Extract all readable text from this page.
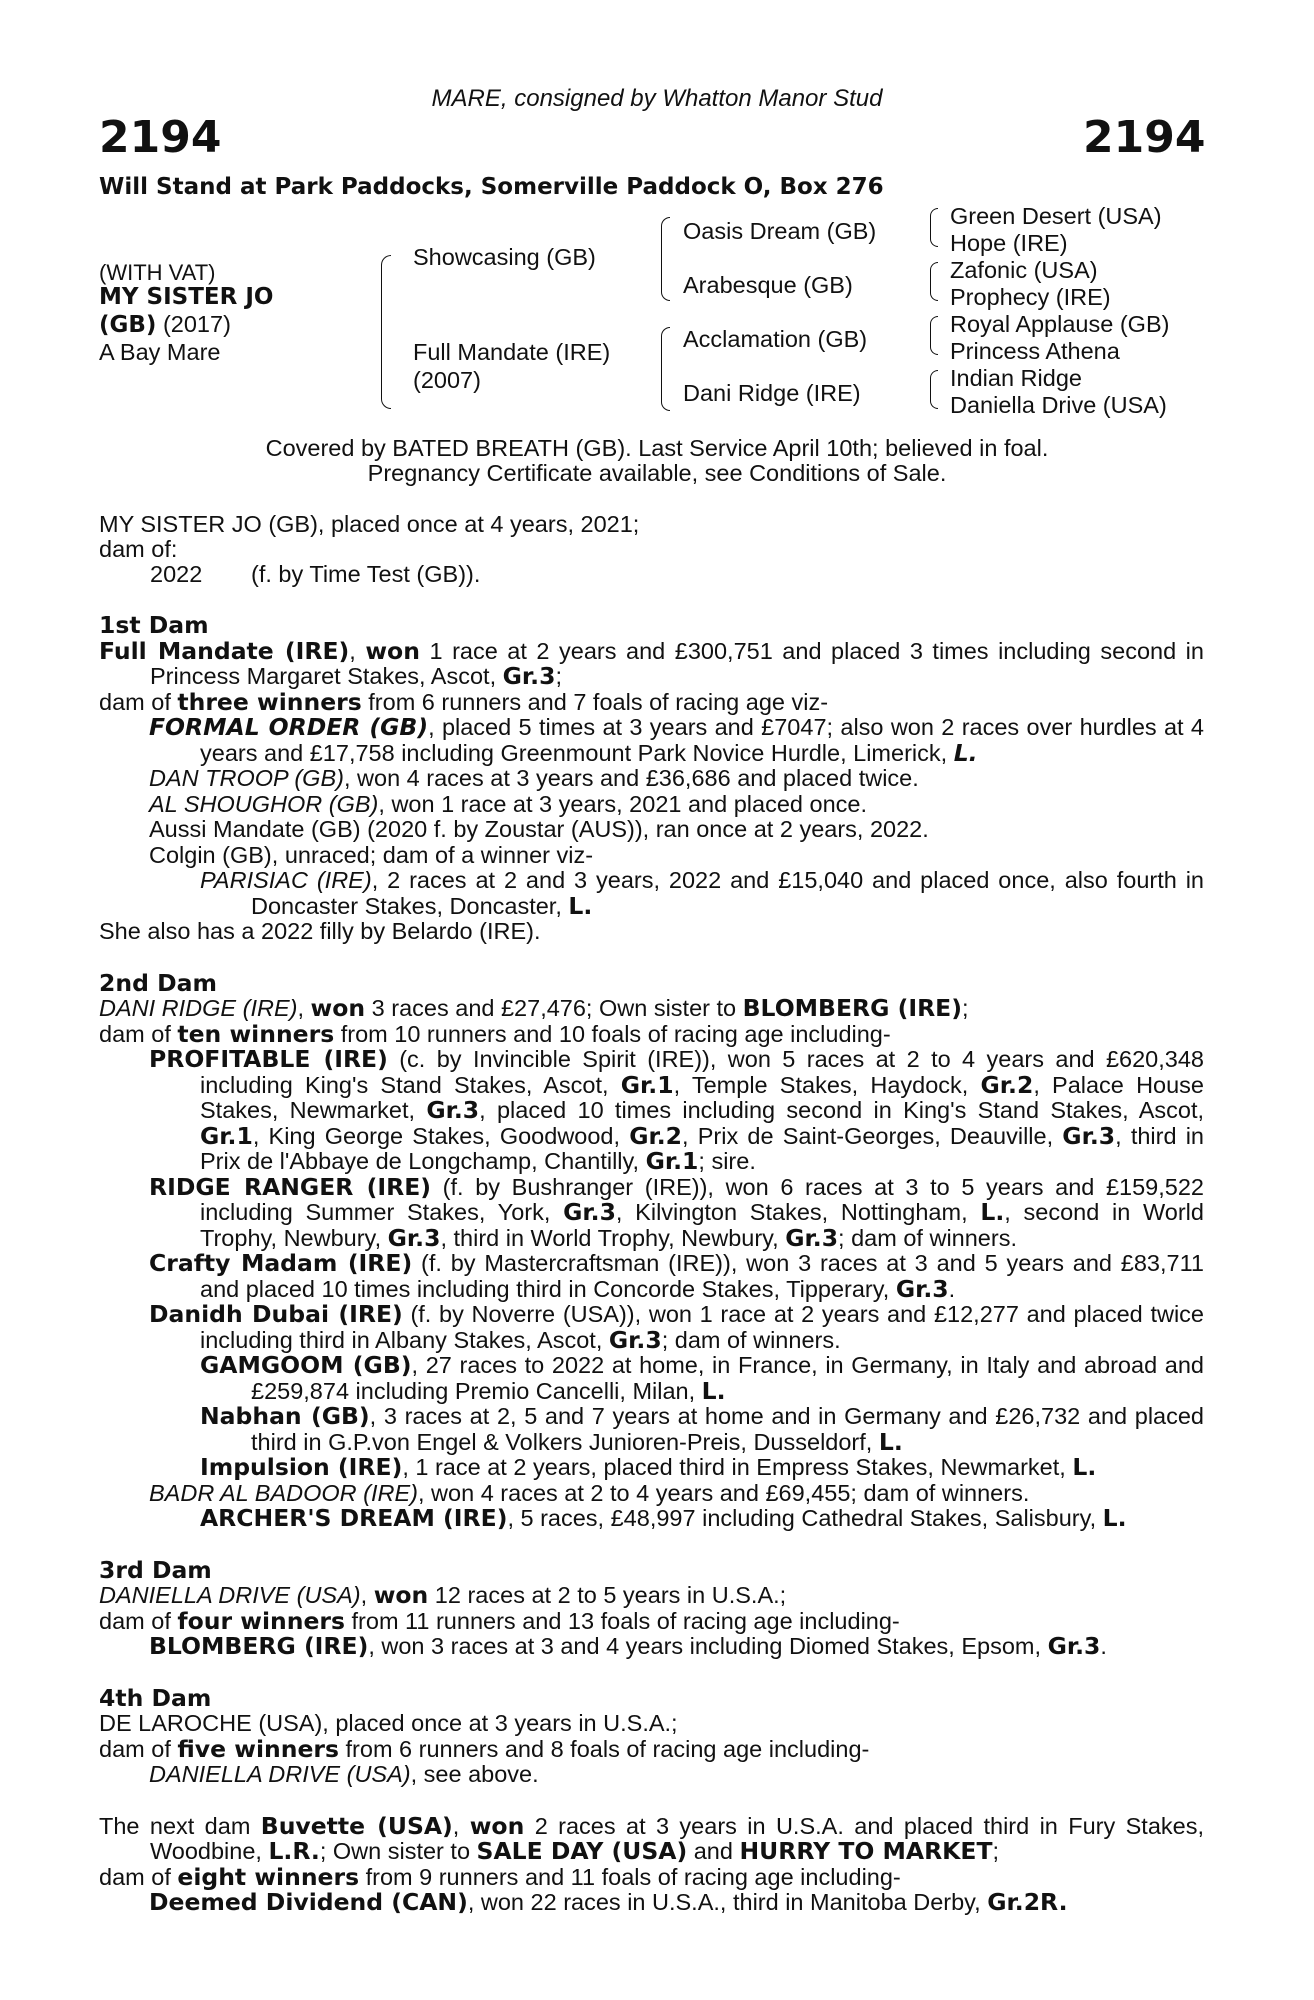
MARE, consigned by Whatton Manor Stud
2194	2194
Will Stand at Park Paddocks, Somerville Paddock O, Box 276
(WITH VAT)
MY SISTER JO
(GB) (2017)
A Bay Mare
Showcasing (GB)
Full Mandate (IRE)
(2007)
Oasis Dream (GB)
Arabesque (GB)
Acclamation (GB)
Dani Ridge (IRE)
Green Desert (USA)
Hope (IRE)
Zafonic (USA)
Prophecy (IRE)
Royal Applause (GB)
Princess Athena
Indian Ridge
Daniella Drive (USA)
Covered by BATED BREATH (GB). Last Service April 10th; believed in foal.
Pregnancy Certificate available, see Conditions of Sale.
MY SISTER JO (GB), placed once at 4 years, 2021;
dam of:
2022 (f. by Time Test (GB)).

1st Dam

Full Mandate (IRE), won 1 race at 2 years and £300,751 and placed 3 times including second in Princess Margaret Stakes, Ascot, Gr.3;

dam of three winners from 6 runners and 7 foals of racing age viz-

FORMAL ORDER (GB), placed 5 times at 3 years and £7047; also won 2 races over hurdles at 4 years and £17,758 including Greenmount Park Novice Hurdle, Limerick, L.

DAN TROOP (GB), won 4 races at 3 years and £36,686 and placed twice.

AL SHOUGHOR (GB), won 1 race at 3 years, 2021 and placed once.

Aussi Mandate (GB) (2020 f. by Zoustar (AUS)), ran once at 2 years, 2022.

Colgin (GB), unraced; dam of a winner viz-

PARISIAC (IRE), 2 races at 2 and 3 years, 2022 and £15,040 and placed once, also fourth in Doncaster Stakes, Doncaster, L.

She also has a 2022 filly by Belardo (IRE).

2nd Dam

DANI RIDGE (IRE), won 3 races and £27,476; Own sister to BLOMBERG (IRE);

dam of ten winners from 10 runners and 10 foals of racing age including-

PROFITABLE (IRE) (c. by Invincible Spirit (IRE)), won 5 races at 2 to 4 years and £620,348 including King's Stand Stakes, Ascot, Gr.1, Temple Stakes, Haydock, Gr.2, Palace House Stakes, Newmarket, Gr.3, placed 10 times including second in King's Stand Stakes, Ascot, Gr.1, King George Stakes, Goodwood, Gr.2, Prix de Saint-Georges, Deauville, Gr.3, third in Prix de l'Abbaye de Longchamp, Chantilly, Gr.1; sire.

RIDGE RANGER (IRE) (f. by Bushranger (IRE)), won 6 races at 3 to 5 years and £159,522 including Summer Stakes, York, Gr.3, Kilvington Stakes, Nottingham, L., second in World Trophy, Newbury, Gr.3, third in World Trophy, Newbury, Gr.3; dam of winners.

Crafty Madam (IRE) (f. by Mastercraftsman (IRE)), won 3 races at 3 and 5 years and £83,711 and placed 10 times including third in Concorde Stakes, Tipperary, Gr.3.

Danidh Dubai (IRE) (f. by Noverre (USA)), won 1 race at 2 years and £12,277 and placed twice including third in Albany Stakes, Ascot, Gr.3; dam of winners.

GAMGOOM (GB), 27 races to 2022 at home, in France, in Germany, in Italy and abroad and £259,874 including Premio Cancelli, Milan, L.

Nabhan (GB), 3 races at 2, 5 and 7 years at home and in Germany and £26,732 and placed third in G.P.von Engel & Volkers Junioren-Preis, Dusseldorf, L.

Impulsion (IRE), 1 race at 2 years, placed third in Empress Stakes, Newmarket, L.

BADR AL BADOOR (IRE), won 4 races at 2 to 4 years and £69,455; dam of winners.

ARCHER'S DREAM (IRE), 5 races, £48,997 including Cathedral Stakes, Salisbury, L.

3rd Dam

DANIELLA DRIVE (USA), won 12 races at 2 to 5 years in U.S.A.;

dam of four winners from 11 runners and 13 foals of racing age including-

BLOMBERG (IRE), won 3 races at 3 and 4 years including Diomed Stakes, Epsom, Gr.3.

4th Dam

DE LAROCHE (USA), placed once at 3 years in U.S.A.;

dam of five winners from 6 runners and 8 foals of racing age including-

DANIELLA DRIVE (USA), see above.

The next dam Buvette (USA), won 2 races at 3 years in U.S.A. and placed third in Fury Stakes, Woodbine, L.R.; Own sister to SALE DAY (USA) and HURRY TO MARKET;

dam of eight winners from 9 runners and 11 foals of racing age including-

Deemed Dividend (CAN), won 22 races in U.S.A., third in Manitoba Derby, Gr.2R.
